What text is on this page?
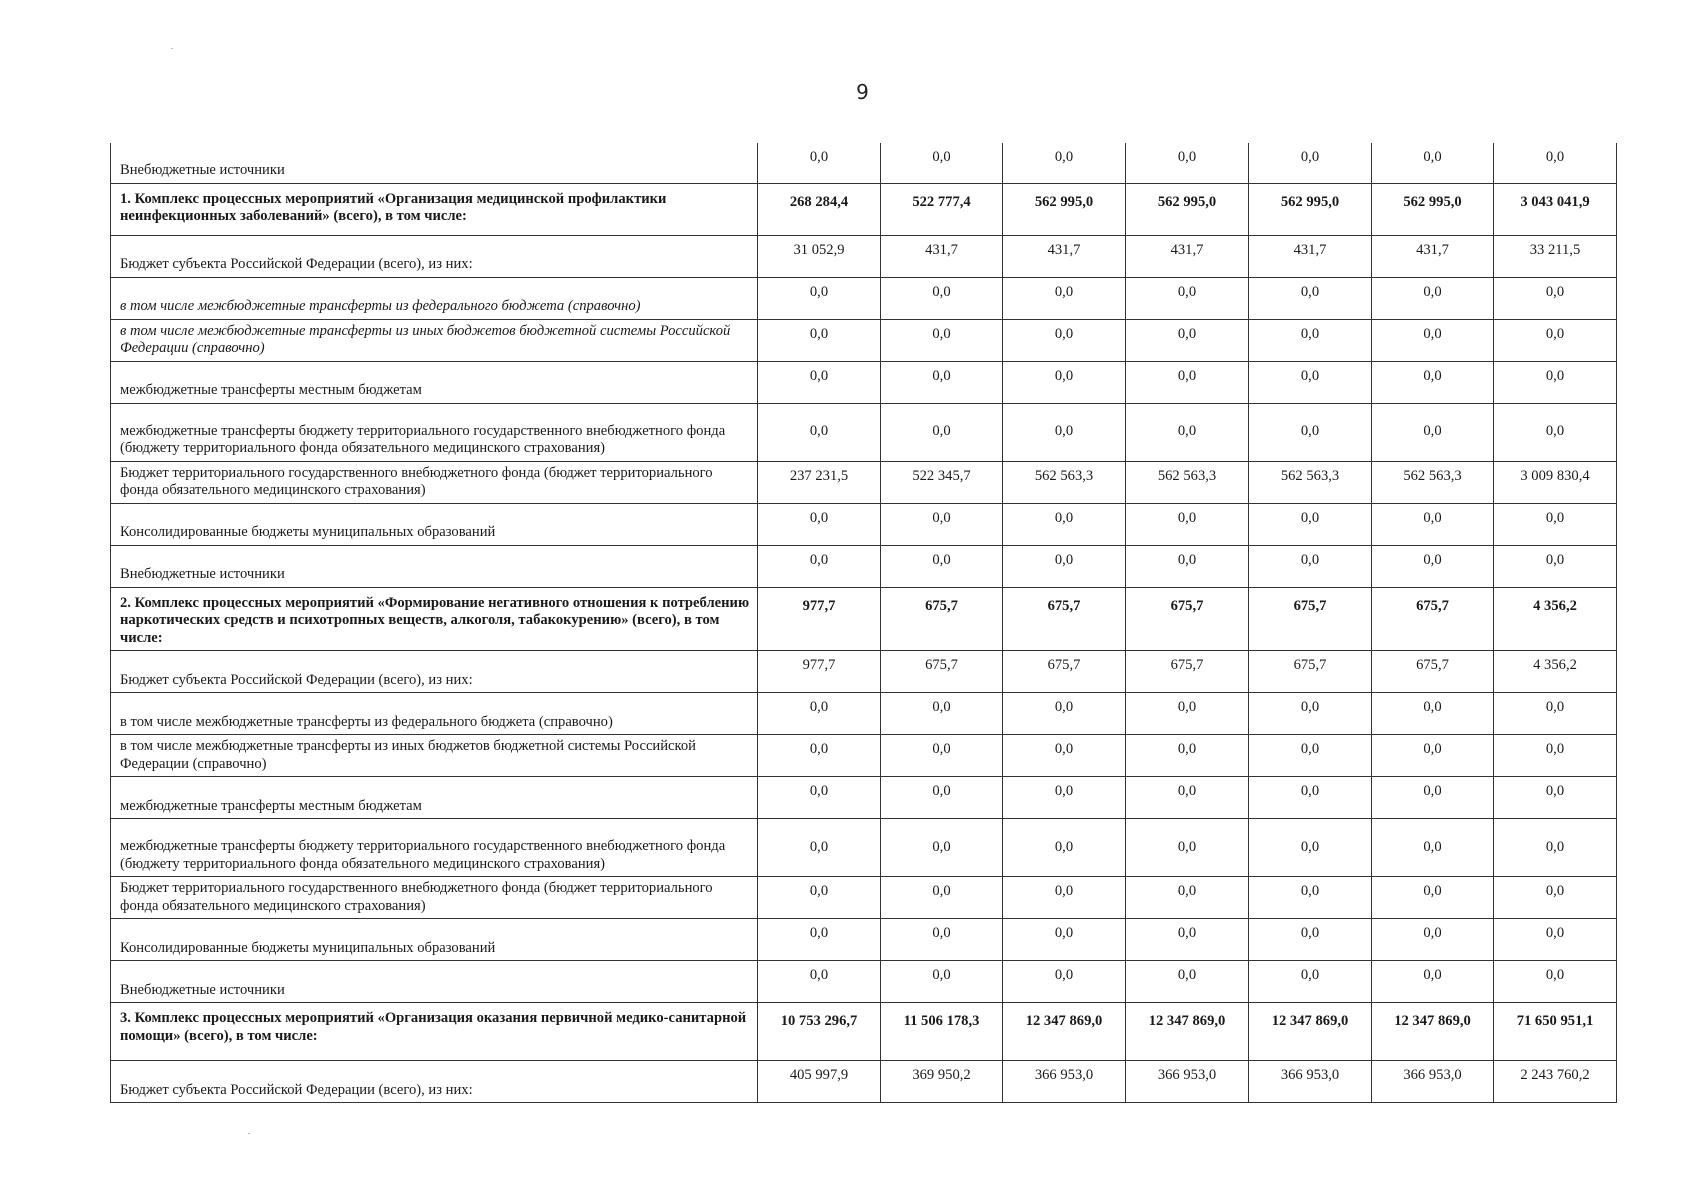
9
Внебюджетные источники	0,0	0,0	0,0	0,0	0,0	0,0	0,0
1. Комплекс процессных мероприятий «Организация медицинской профилактики неинфекционных заболеваний» (всего), в том числе:	268 284,4	522 777,4	562 995,0	562 995,0	562 995,0	562 995,0	3 043 041,9
Бюджет субъекта Российской Федерации (всего), из них:	31 052,9	431,7	431,7	431,7	431,7	431,7	33 211,5
в том числе межбюджетные трансферты из федерального бюджета (справочно)	0,0	0,0	0,0	0,0	0,0	0,0	0,0
в том числе межбюджетные трансферты из иных бюджетов бюджетной системы Российской Федерации (справочно)	0,0	0,0	0,0	0,0	0,0	0,0	0,0
межбюджетные трансферты местным бюджетам	0,0	0,0	0,0	0,0	0,0	0,0	0,0
межбюджетные трансферты бюджету территориального государственного внебюджетного фонда (бюджету территориального фонда обязательного медицинского страхования)	0,0	0,0	0,0	0,0	0,0	0,0	0,0
Бюджет территориального государственного внебюджетного фонда (бюджет территориального фонда обязательного медицинского страхования)	237 231,5	522 345,7	562 563,3	562 563,3	562 563,3	562 563,3	3 009 830,4
Консолидированные бюджеты муниципальных образований	0,0	0,0	0,0	0,0	0,0	0,0	0,0
Внебюджетные источники	0,0	0,0	0,0	0,0	0,0	0,0	0,0
2. Комплекс процессных мероприятий «Формирование негативного отношения к потреблению наркотических средств и психотропных веществ, алкоголя, табакокурению» (всего), в том числе:	977,7	675,7	675,7	675,7	675,7	675,7	4 356,2
Бюджет субъекта Российской Федерации (всего), из них:	977,7	675,7	675,7	675,7	675,7	675,7	4 356,2
в том числе межбюджетные трансферты из федерального бюджета (справочно)	0,0	0,0	0,0	0,0	0,0	0,0	0,0
в том числе межбюджетные трансферты из иных бюджетов бюджетной системы Российской Федерации (справочно)	0,0	0,0	0,0	0,0	0,0	0,0	0,0
межбюджетные трансферты местным бюджетам	0,0	0,0	0,0	0,0	0,0	0,0	0,0
межбюджетные трансферты бюджету территориального государственного внебюджетного фонда (бюджету территориального фонда обязательного медицинского страхования)	0,0	0,0	0,0	0,0	0,0	0,0	0,0
Бюджет территориального государственного внебюджетного фонда (бюджет территориального фонда обязательного медицинского страхования)	0,0	0,0	0,0	0,0	0,0	0,0	0,0
Консолидированные бюджеты муниципальных образований	0,0	0,0	0,0	0,0	0,0	0,0	0,0
Внебюджетные источники	0,0	0,0	0,0	0,0	0,0	0,0	0,0
3. Комплекс процессных мероприятий «Организация оказания первичной медико-санитарной помощи» (всего), в том числе:	10 753 296,7	11 506 178,3	12 347 869,0	12 347 869,0	12 347 869,0	12 347 869,0	71 650 951,1
Бюджет субъекта Российской Федерации (всего), из них:	405 997,9	369 950,2	366 953,0	366 953,0	366 953,0	366 953,0	2 243 760,2
